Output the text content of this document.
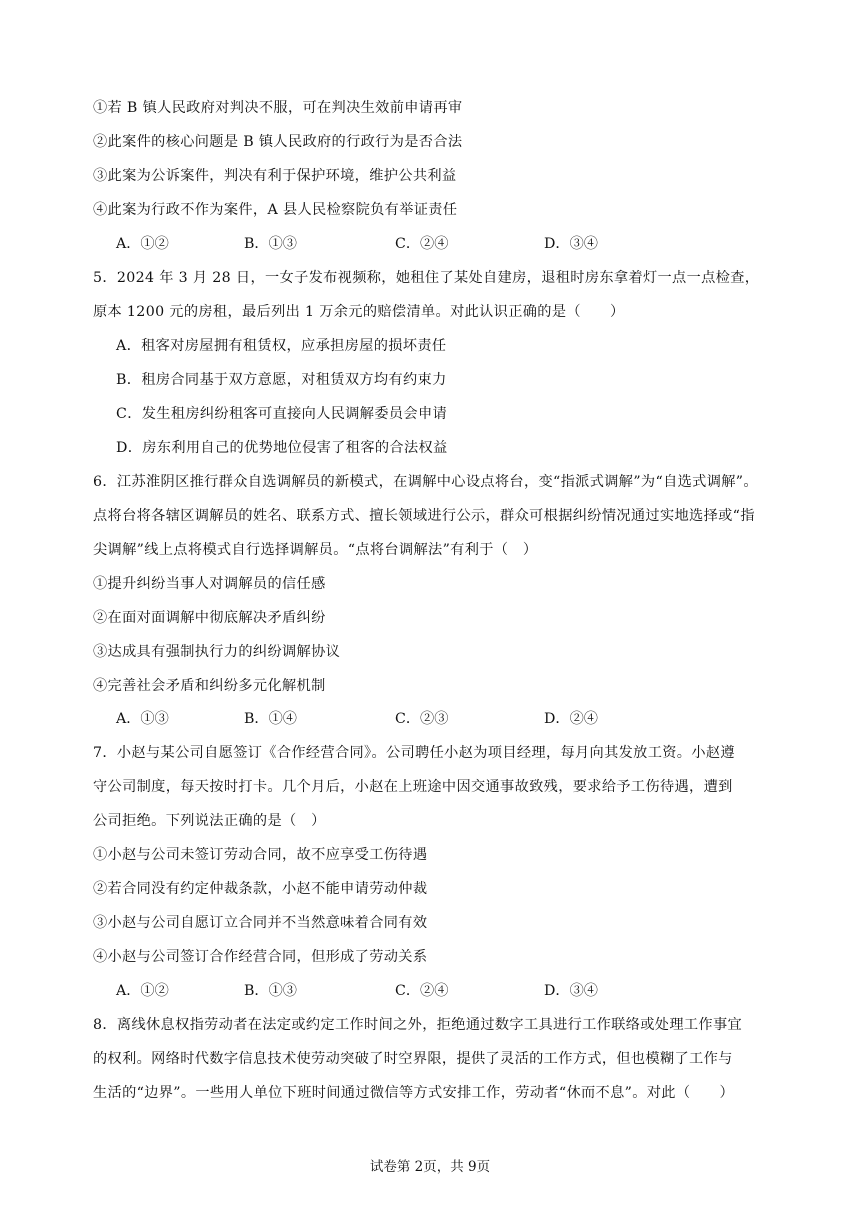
①若 B 镇人民政府对判决不服，可在判决生效前申请再审
②此案件的核心问题是 B 镇人民政府的行政行为是否合法
③此案为公诉案件，判决有利于保护环境，维护公共利益
④此案为行政不作为案件，A 县人民检察院负有举证责任
A．①②	B．①③	C．②④	D．③④
5．2024 年 3 月 28 日，一女子发布视频称，她租住了某处自建房，退租时房东拿着灯一点一点检查，
原本 1200 元的房租，最后列出 1 万余元的赔偿清单。对此认识正确的是（　　）
A．租客对房屋拥有租赁权，应承担房屋的损坏责任
B．租房合同基于双方意愿，对租赁双方均有约束力
C．发生租房纠纷租客可直接向人民调解委员会申请
D．房东利用自己的优势地位侵害了租客的合法权益
6．江苏淮阴区推行群众自选调解员的新模式，在调解中心设点将台，变“指派式调解”为“自选式调解”。
点将台将各辖区调解员的姓名、联系方式、擅长领域进行公示，群众可根据纠纷情况通过实地选择或“指
尖调解”线上点将模式自行选择调解员。“点将台调解法”有利于（　）
①提升纠纷当事人对调解员的信任感
②在面对面调解中彻底解决矛盾纠纷
③达成具有强制执行力的纠纷调解协议
④完善社会矛盾和纠纷多元化解机制
A．①③	B．①④	C．②③	D．②④
7．小赵与某公司自愿签订《合作经营合同》。公司聘任小赵为项目经理，每月向其发放工资。小赵遵
守公司制度，每天按时打卡。几个月后，小赵在上班途中因交通事故致残，要求给予工伤待遇，遭到
公司拒绝。下列说法正确的是（　）
①小赵与公司未签订劳动合同，故不应享受工伤待遇
②若合同没有约定仲裁条款，小赵不能申请劳动仲裁
③小赵与公司自愿订立合同并不当然意味着合同有效
④小赵与公司签订合作经营合同，但形成了劳动关系
A．①②	B．①③	C．②④	D．③④
8．离线休息权指劳动者在法定或约定工作时间之外，拒绝通过数字工具进行工作联络或处理工作事宜
的权利。网络时代数字信息技术使劳动突破了时空界限，提供了灵活的工作方式，但也模糊了工作与
生活的“边界”。一些用人单位下班时间通过微信等方式安排工作，劳动者“休而不息”。对此（　　）
试卷第 2页，共 9页
